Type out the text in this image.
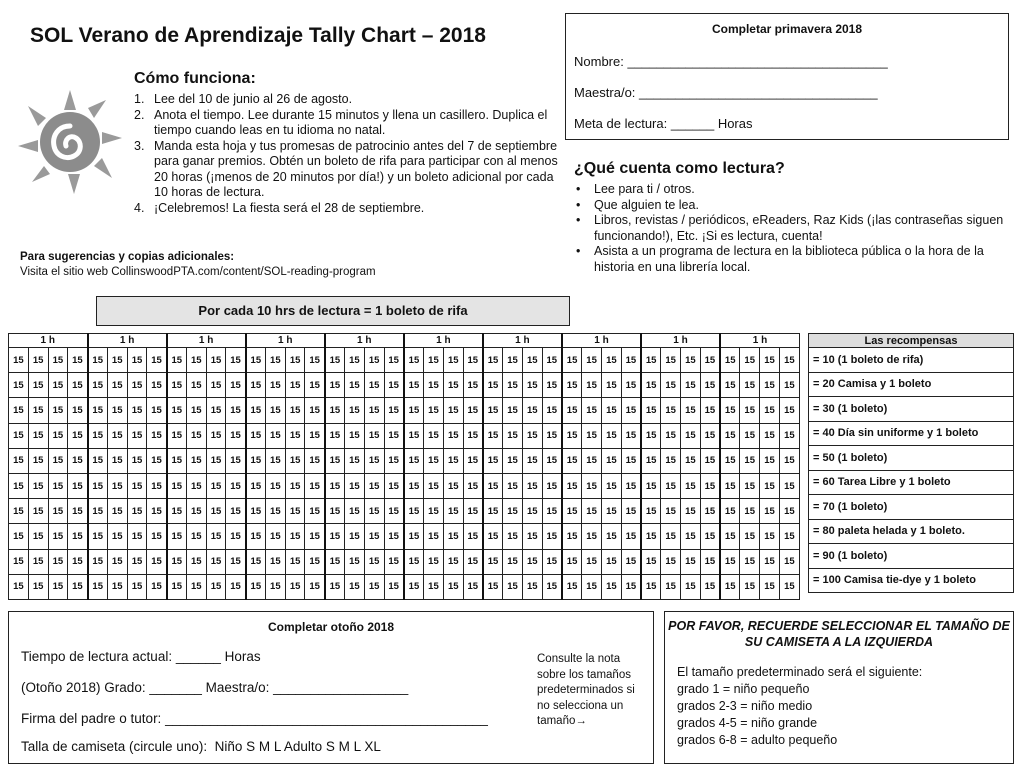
SOL Verano de Aprendizaje Tally Chart – 2018
Cómo funciona:
1. Lee del 10 de junio al 26 de agosto.
2. Anota el tiempo. Lee durante 15 minutos y llena un casillero. Duplica el tiempo cuando leas en tu idioma no natal.
3. Manda esta hoja y tus promesas de patrocinio antes del 7 de septiembre para ganar premios. Obtén un boleto de rifa para participar con al menos 20 horas (¡menos de 20 minutos por día!) y un boleto adicional por cada 10 horas de lectura.
4. ¡Celebremos! La fiesta será el 28 de septiembre.
Para sugerencias y copias adicionales:
Visita el sitio web CollinswoodPTA.com/content/SOL-reading-program
Por cada 10 hrs de lectura = 1 boleto de rifa
Completar primavera 2018
Nombre: ____________________________________
Maestra/o: _________________________________
Meta de lectura: ______ Horas
¿Qué cuenta como lectura?
• Lee para ti / otros.
• Que alguien te lea.
• Libros, revistas / periódicos, eReaders, Raz Kids (¡las contraseñas siguen funcionando!), Etc. ¡Si es lectura, cuenta!
• Asista a un programa de lectura en la biblioteca pública o la hora de la historia en una librería local.
1 h				1 h				1 h				1 h				1 h				1 h				1 h				1 h				1 h				1 h			
15	15	15	15	15	15	15	15	15	15	15	15	15	15	15	15	15	15	15	15	15	15	15	15	15	15	15	15	15	15	15	15	15	15	15	15	15	15	15	15
15	15	15	15	15	15	15	15	15	15	15	15	15	15	15	15	15	15	15	15	15	15	15	15	15	15	15	15	15	15	15	15	15	15	15	15	15	15	15	15
15	15	15	15	15	15	15	15	15	15	15	15	15	15	15	15	15	15	15	15	15	15	15	15	15	15	15	15	15	15	15	15	15	15	15	15	15	15	15	15
15	15	15	15	15	15	15	15	15	15	15	15	15	15	15	15	15	15	15	15	15	15	15	15	15	15	15	15	15	15	15	15	15	15	15	15	15	15	15	15
15	15	15	15	15	15	15	15	15	15	15	15	15	15	15	15	15	15	15	15	15	15	15	15	15	15	15	15	15	15	15	15	15	15	15	15	15	15	15	15
15	15	15	15	15	15	15	15	15	15	15	15	15	15	15	15	15	15	15	15	15	15	15	15	15	15	15	15	15	15	15	15	15	15	15	15	15	15	15	15
15	15	15	15	15	15	15	15	15	15	15	15	15	15	15	15	15	15	15	15	15	15	15	15	15	15	15	15	15	15	15	15	15	15	15	15	15	15	15	15
15	15	15	15	15	15	15	15	15	15	15	15	15	15	15	15	15	15	15	15	15	15	15	15	15	15	15	15	15	15	15	15	15	15	15	15	15	15	15	15
15	15	15	15	15	15	15	15	15	15	15	15	15	15	15	15	15	15	15	15	15	15	15	15	15	15	15	15	15	15	15	15	15	15	15	15	15	15	15	15
15	15	15	15	15	15	15	15	15	15	15	15	15	15	15	15	15	15	15	15	15	15	15	15	15	15	15	15	15	15	15	15	15	15	15	15	15	15	15	15
Las recompensas
= 10 (1 boleto de rifa)
= 20 Camisa y 1 boleto
= 30 (1 boleto)
= 40 Día sin uniforme y 1 boleto
= 50 (1 boleto)
= 60 Tarea Libre y 1 boleto
= 70 (1 boleto)
= 80 paleta helada y 1 boleto.
= 90 (1 boleto)
= 100 Camisa tie-dye y 1 boleto
Completar otoño 2018
Tiempo de lectura actual: ______ Horas
(Otoño 2018) Grado: _______ Maestra/o: __________________
Firma del padre o tutor: ___________________________________________
Talla de camiseta (circule uno): Niño S M L Adulto S M L XL
Consulte la nota sobre los tamaños predeterminados si no selecciona un tamaño→
POR FAVOR, RECUERDE SELECCIONAR EL TAMAÑO DE SU CAMISETA A LA IZQUIERDA
El tamaño predeterminado será el siguiente:
grado 1 = niño pequeño
grados 2-3 = niño medio
grados 4-5 = niño grande
grados 6-8 = adulto pequeño
